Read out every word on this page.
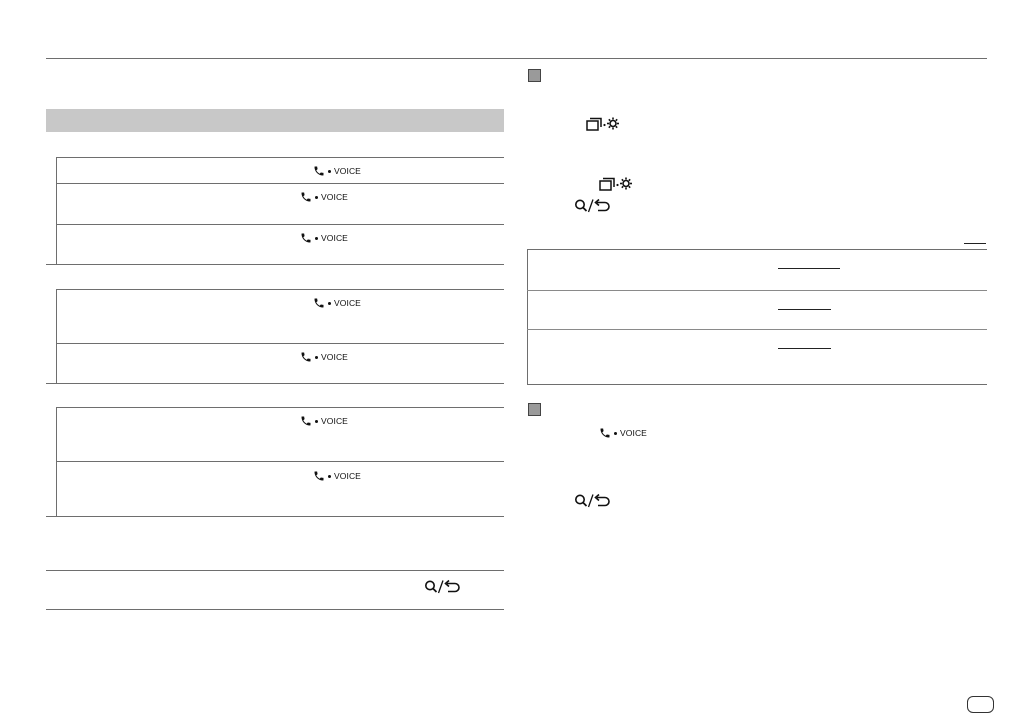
VOICE
VOICE
VOICE
VOICE
VOICE
VOICE
VOICE
VOICE
